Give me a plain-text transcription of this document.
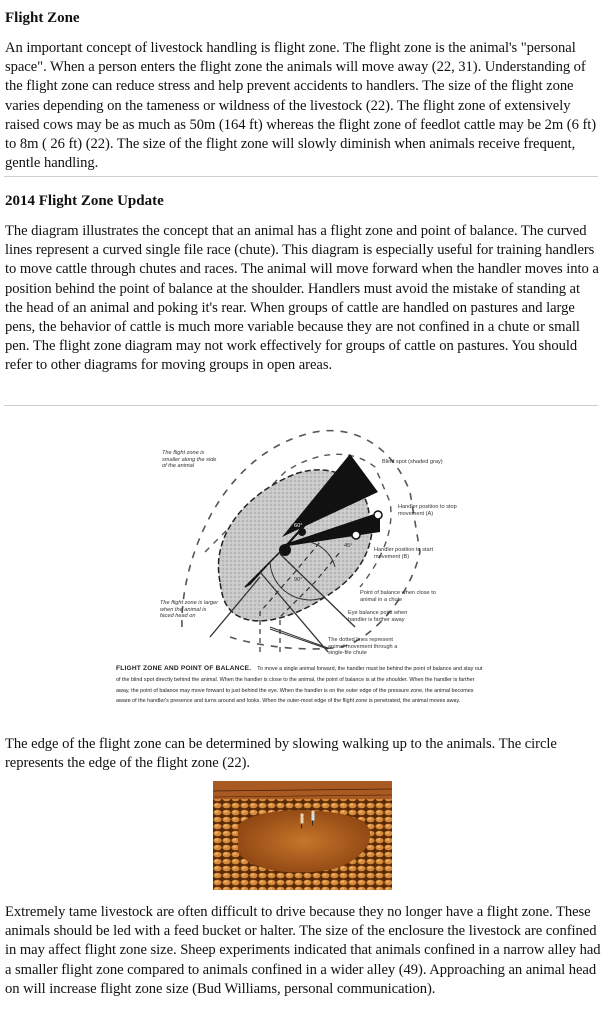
Flight Zone

An important concept of livestock handling is flight zone. The flight zone is the animal's "personal space". When a person enters the flight zone the animals will move away (22, 31). Understanding of the flight zone can reduce stress and help prevent accidents to handlers. The size of the flight zone varies depending on the tameness or wildness of the livestock (22). The flight zone of extensively raised cows may be as much as 50m (164 ft) whereas the flight zone of feedlot cattle may be 2m (6 ft) to 8m ( 26 ft) (22). The size of the flight zone will slowly diminish when animals receive frequent, gentle handling.

2014 Flight Zone Update

The diagram illustrates the concept that an animal has a flight zone and point of balance. The curved lines represent a curved single file race (chute). This diagram is especially useful for training handlers to move cattle through chutes and races. The animal will move forward when the handler moves into a position behind the point of balance at the shoulder. Handlers must avoid the mistake of standing at the head of an animal and poking it's rear. When groups of cattle are handled on pastures and large pens, the behavior of cattle is much more variable because they are not confined in a chute or small pen. The flight zone diagram may not work effectively for groups of cattle on pastures. You should refer to other diagrams for moving groups in open areas.

The flight zone is smaller along the side of the animal
Blind spot (shaded gray)
Handler position to stop movement (A)
Handler position to start movement (B)
60°
45°
90°
Point of balance when close to animal in a chute
Eye balance point when handler is farther away
The flight zone is larger when the animal is faced head on
The dotted lines represent animal movement through a single-file chute
FLIGHT ZONE AND POINT OF BALANCE. To move a single animal forward, the handler must be behind the point of balance and stay out of the blind spot directly behind the animal. When the handler is close to the animal, the point of balance is at the shoulder. When the handler is farther away, the point of balance may move forward to just behind the eye. When the handler is on the outer edge of the pressure zone, the animal becomes aware of the handler's presence and turns around and looks. When the outer-most edge of the flight zone is penetrated, the animal moves away.

The edge of the flight zone can be determined by slowing walking up to the animals. The circle represents the edge of the flight zone (22).

Extremely tame livestock are often difficult to drive because they no longer have a flight zone. These animals should be led with a feed bucket or halter. The size of the enclosure the livestock are confined in may affect flight zone size. Sheep experiments indicated that animals confined in a narrow alley had a smaller flight zone compared to animals confined in a wider alley (49). Approaching an animal head on will increase flight zone size (Bud Williams, personal communication).
